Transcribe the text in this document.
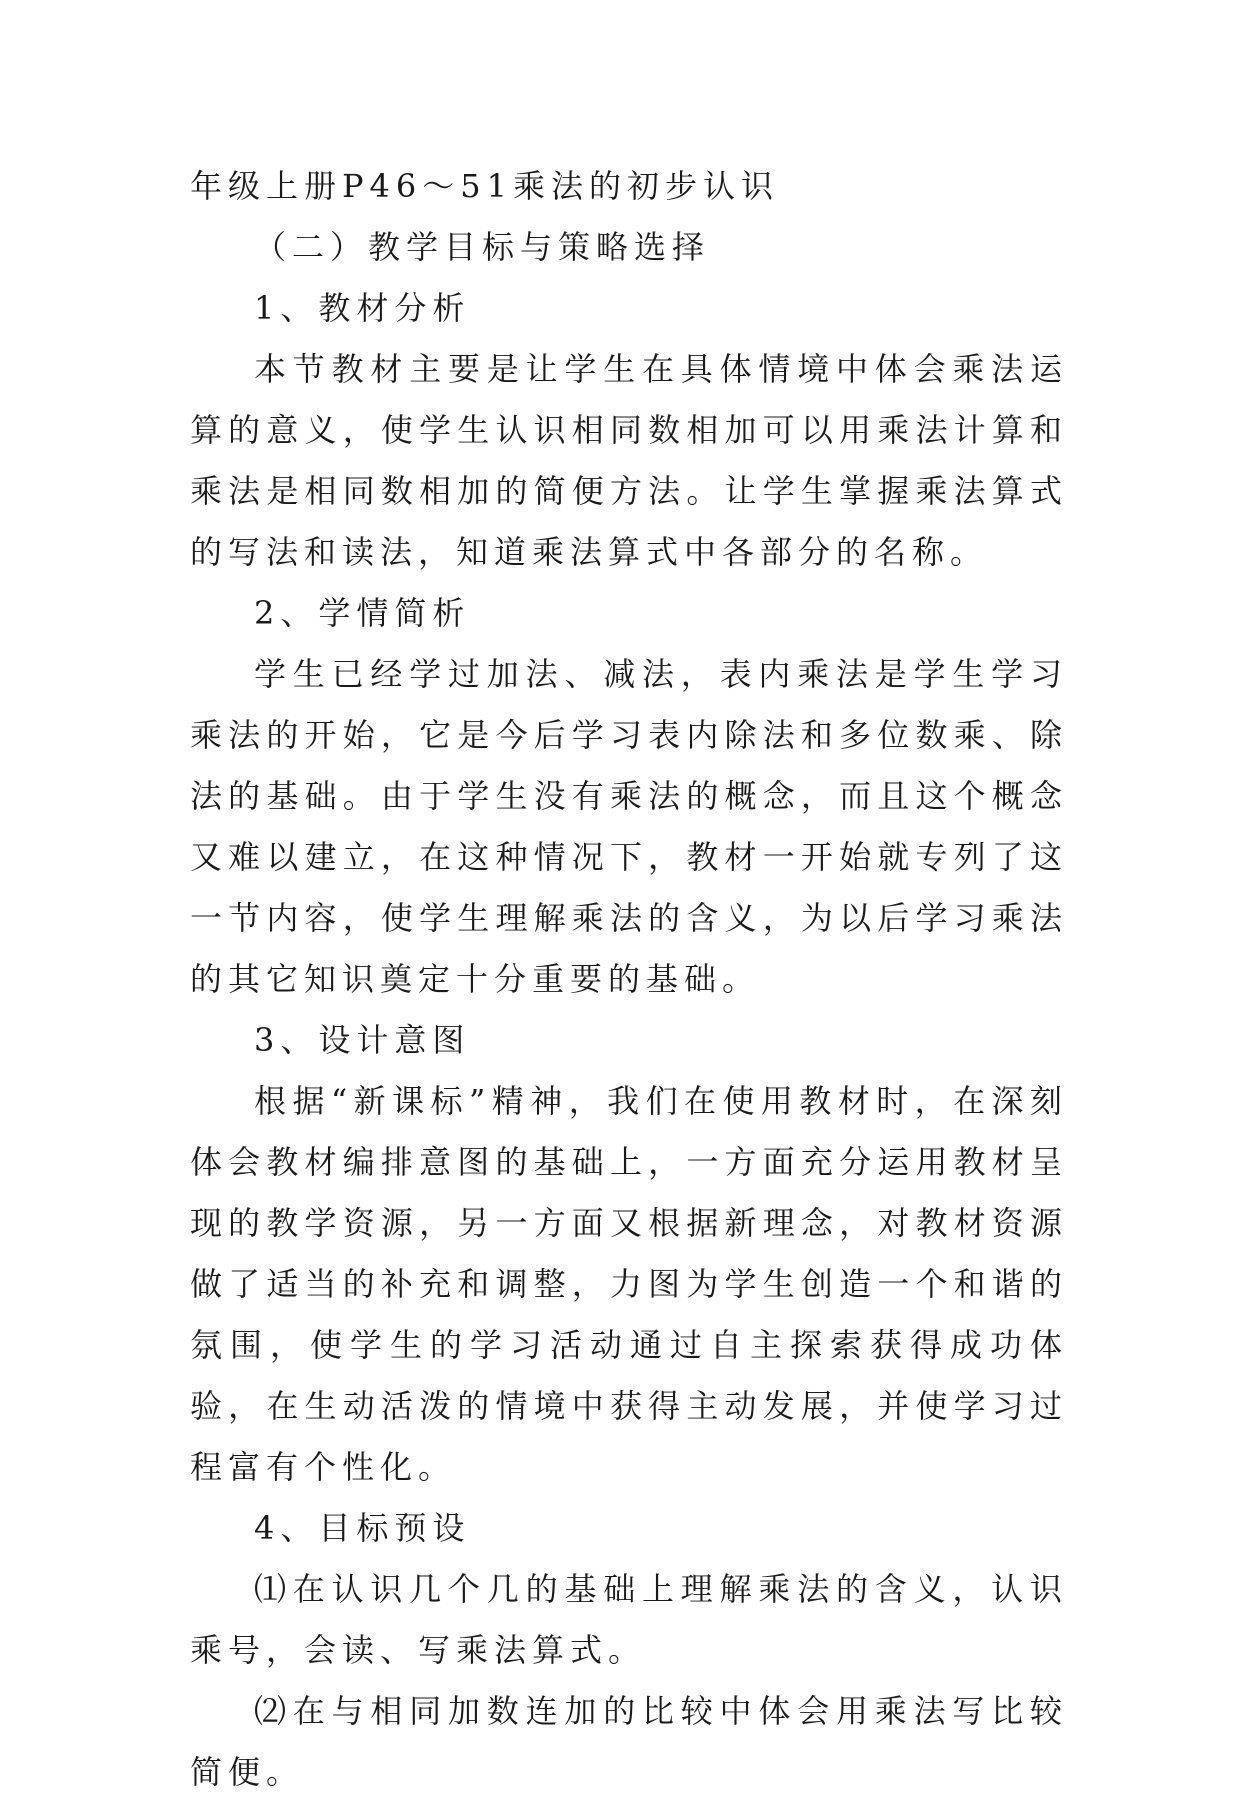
年级上册P46～51乘法的初步认识
（二）教学目标与策略选择
1、教材分析
本节教材主要是让学生在具体情境中体会乘法运算的意义，使学生认识相同数相加可以用乘法计算和乘法是相同数相加的简便方法。让学生掌握乘法算式的写法和读法，知道乘法算式中各部分的名称。
2、学情简析
学生已经学过加法、减法，表内乘法是学生学习乘法的开始，它是今后学习表内除法和多位数乘、除法的基础。由于学生没有乘法的概念，而且这个概念又难以建立，在这种情况下，教材一开始就专列了这一节内容，使学生理解乘法的含义，为以后学习乘法的其它知识奠定十分重要的基础。
3、设计意图
根据“新课标”精神，我们在使用教材时，在深刻体会教材编排意图的基础上，一方面充分运用教材呈现的教学资源，另一方面又根据新理念，对教材资源做了适当的补充和调整，力图为学生创造一个和谐的氛围，使学生的学习活动通过自主探索获得成功体验，在生动活泼的情境中获得主动发展，并使学习过程富有个性化。
4、目标预设
⑴在认识几个几的基础上理解乘法的含义，认识乘号，会读、写乘法算式。
⑵在与相同加数连加的比较中体会用乘法写比较简便。
